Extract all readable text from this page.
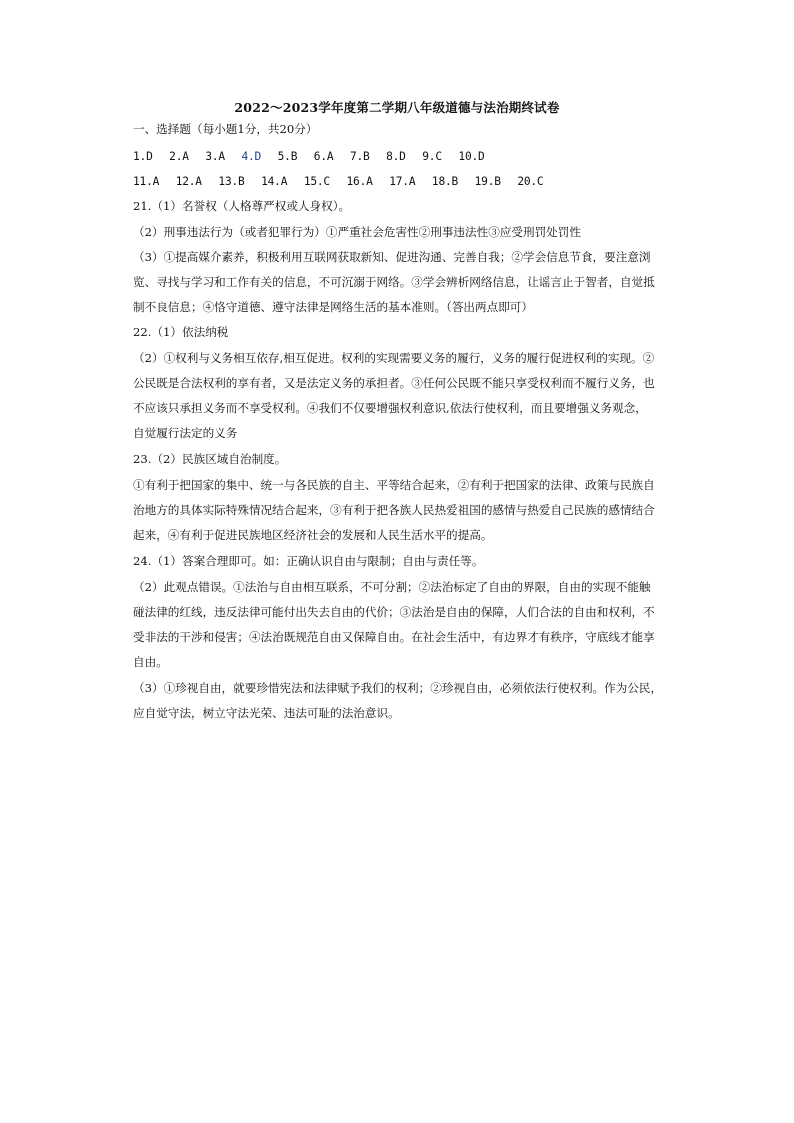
2022～2023学年度第二学期八年级道德与法治期终试卷
一、选择题（每小题1分，共20分）
1.D 2.A 3.A 4.D 5.B 6.A 7.B 8.D 9.C 10.D
11.A 12.A 13.B 14.A 15.C 16.A 17.A 18.B 19.B 20.C
21.（1）名誉权（人格尊严权或人身权）。
（2）刑事违法行为（或者犯罪行为）①严重社会危害性②刑事违法性③应受刑罚处罚性
（3）①提高媒介素养，积极利用互联网获取新知、促进沟通、完善自我；②学会信息节食，要注意浏
览、寻找与学习和工作有关的信息，不可沉溺于网络。③学会辨析网络信息，让谣言止于智者，自觉抵
制不良信息；④恪守道德、遵守法律是网络生活的基本准则。（答出两点即可）
22.（1）依法纳税
（2）①权利与义务相互依存,相互促进。权利的实现需要义务的履行，义务的履行促进权利的实现。②
公民既是合法权利的享有者，又是法定义务的承担者。③任何公民既不能只享受权利而不履行义务，也
不应该只承担义务而不享受权利。④我们不仅要增强权利意识,依法行使权利，而且要增强义务观念，
自觉履行法定的义务
23.（2）民族区域自治制度。
①有利于把国家的集中、统一与各民族的自主、平等结合起来，②有利于把国家的法律、政策与民族自
治地方的具体实际特殊情况结合起来，③有利于把各族人民热爱祖国的感情与热爱自己民族的感情结合
起来，④有利于促进民族地区经济社会的发展和人民生活水平的提高。
24.（1）答案合理即可。如：正确认识自由与限制；自由与责任等。
（2）此观点错误。①法治与自由相互联系，不可分割；②法治标定了自由的界限，自由的实现不能触
碰法律的红线，违反法律可能付出失去自由的代价；③法治是自由的保障，人们合法的自由和权利，不
受非法的干涉和侵害；④法治既规范自由又保障自由。在社会生活中，有边界才有秩序，守底线才能享
自由。
（3）①珍视自由，就要珍惜宪法和法律赋予我们的权利；②珍视自由，必须依法行使权利。作为公民，
应自觉守法，树立守法光荣、违法可耻的法治意识。
